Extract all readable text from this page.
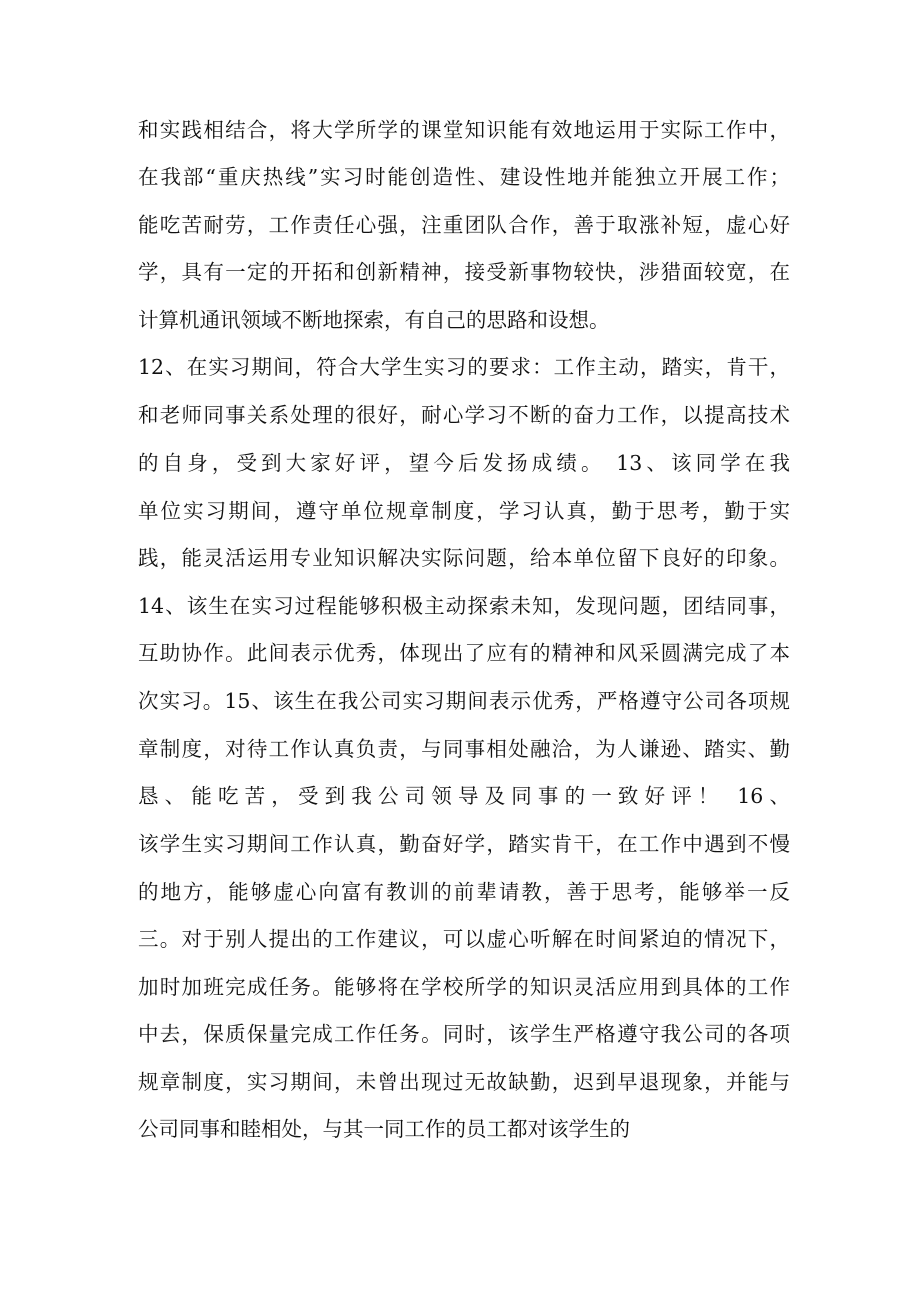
和实践相结合，将大学所学的课堂知识能有效地运用于实际工作中，
在我部“重庆热线”实习时能创造性、建设性地并能独立开展工作；
能吃苦耐劳，工作责任心强，注重团队合作，善于取涨补短，虚心好
学，具有一定的开拓和创新精神，接受新事物较快，涉猎面较宽，在
计算机通讯领域不断地探索，有自己的思路和设想。
12、在实习期间，符合大学生实习的要求：工作主动，踏实，肯干，
和老师同事关系处理的很好，耐心学习不断的奋力工作，以提高技术
的自身，受到大家好评，望今后发扬成绩。 13、该同学在我
单位实习期间，遵守单位规章制度，学习认真，勤于思考，勤于实
践，能灵活运用专业知识解决实际问题，给本单位留下良好的印象。
14、该生在实习过程能够积极主动探索未知，发现问题，团结同事，
互助协作。此间表示优秀，体现出了应有的精神和风采圆满完成了本
次实习。15、该生在我公司实习期间表示优秀，严格遵守公司各项规
章制度，对待工作认真负责，与同事相处融洽，为人谦逊、踏实、勤
恳、能吃苦，受到我公司领导及同事的一致好评！ 16、
该学生实习期间工作认真，勤奋好学，踏实肯干，在工作中遇到不慢
的地方，能够虚心向富有教训的前辈请教，善于思考，能够举一反
三。对于别人提出的工作建议，可以虚心听解在时间紧迫的情况下，
加时加班完成任务。能够将在学校所学的知识灵活应用到具体的工作
中去，保质保量完成工作任务。同时，该学生严格遵守我公司的各项
规章制度，实习期间，未曾出现过无故缺勤，迟到早退现象，并能与
公司同事和睦相处，与其一同工作的员工都对该学生的
